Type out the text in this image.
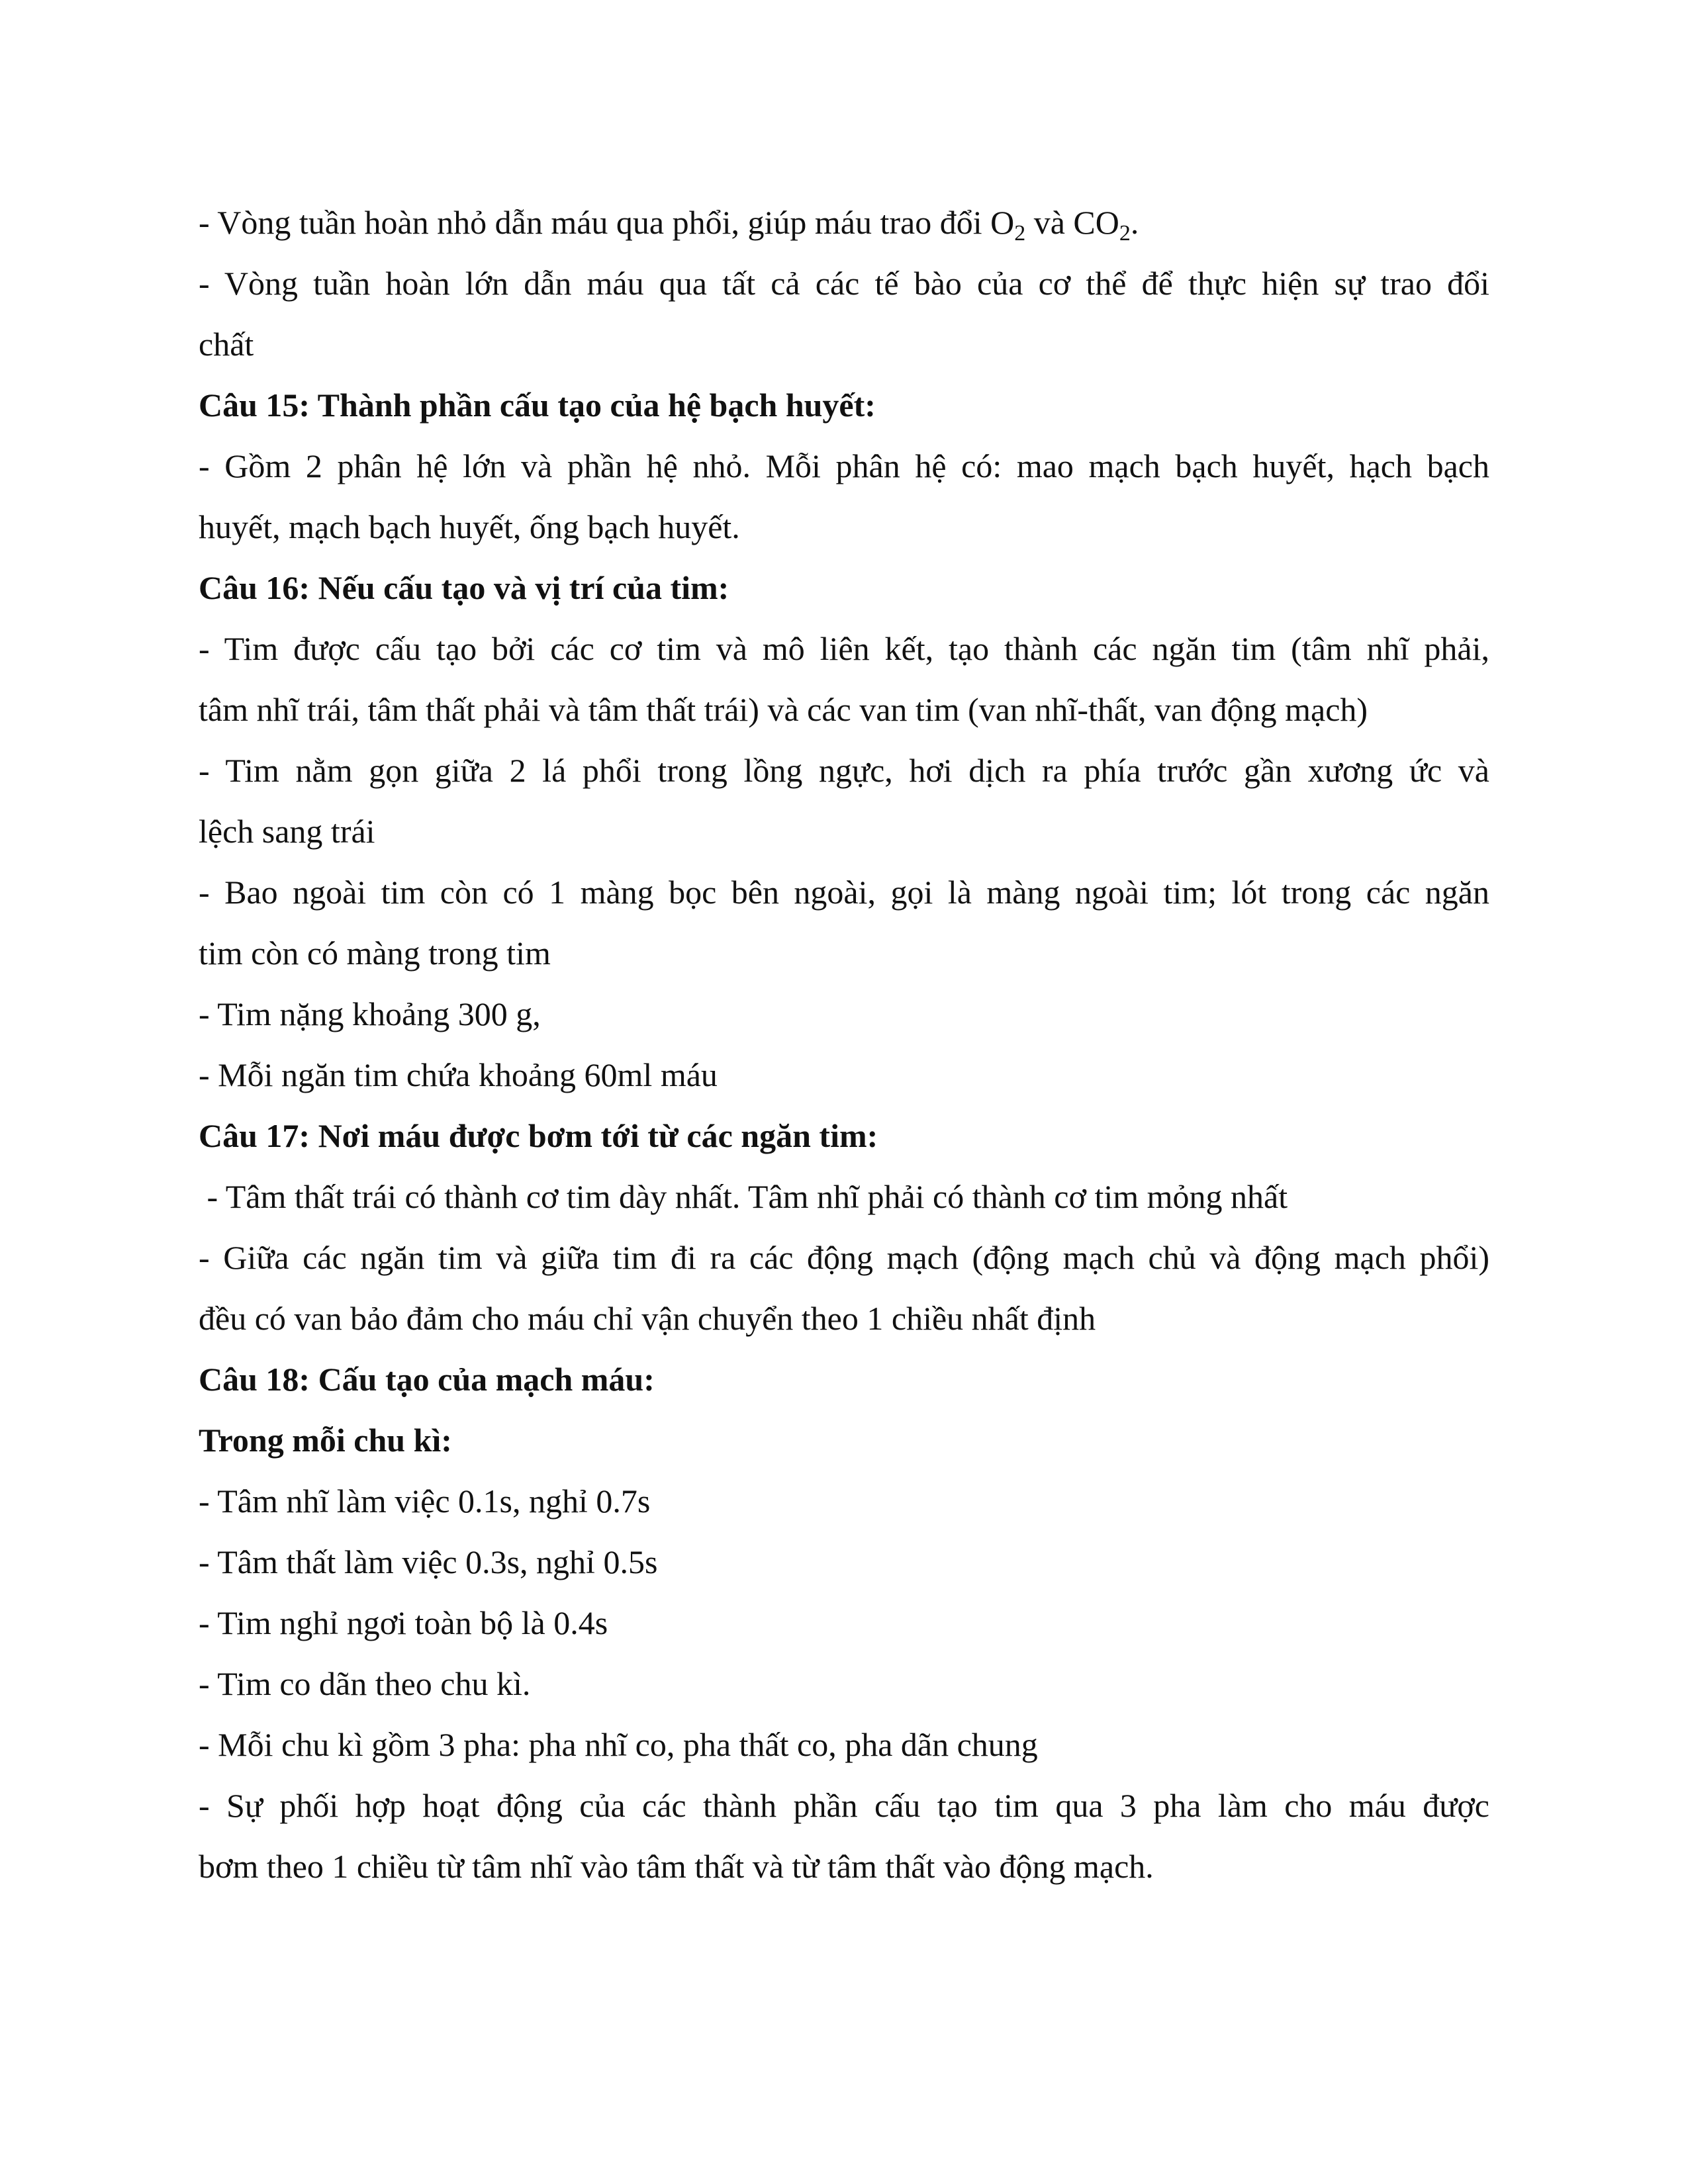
- Vòng tuần hoàn nhỏ dẫn máu qua phổi, giúp máu trao đổi $O_2$ và $CO_2$.
- Vòng tuần hoàn lớn dẫn máu qua tất cả các tế bào của cơ thể để thực hiện sự trao đổi
chất
Câu 15: Thành phần cấu tạo của hệ bạch huyết:
- Gồm 2 phân hệ lớn và phần hệ nhỏ. Mỗi phân hệ có: mao mạch bạch huyết, hạch bạch
huyết, mạch bạch huyết, ống bạch huyết.
Câu 16: Nếu cấu tạo và vị trí của tim:
- Tim được cấu tạo bởi các cơ tim và mô liên kết, tạo thành các ngăn tim (tâm nhĩ phải,
tâm nhĩ trái, tâm thất phải và tâm thất trái) và các van tim (van nhĩ-thất, van động mạch)
- Tim nằm gọn giữa 2 lá phổi trong lồng ngực, hơi dịch ra phía trước gần xương ức và
lệch sang trái
- Bao ngoài tim còn có 1 màng bọc bên ngoài, gọi là màng ngoài tim; lót trong các ngăn
tim còn có màng trong tim
- Tim nặng khoảng 300 g,
- Mỗi ngăn tim chứa khoảng 60ml máu
Câu 17: Nơi máu được bơm tới từ các ngăn tim:
- Tâm thất trái có thành cơ tim dày nhất. Tâm nhĩ phải có thành cơ tim mỏng nhất
- Giữa các ngăn tim và giữa tim đi ra các động mạch (động mạch chủ và động mạch phổi)
đều có van bảo đảm cho máu chỉ vận chuyển theo 1 chiều nhất định
Câu 18: Cấu tạo của mạch máu:
Trong mỗi chu kì:
- Tâm nhĩ làm việc 0.1s, nghỉ 0.7s
- Tâm thất làm việc 0.3s, nghỉ 0.5s
- Tim nghỉ ngơi toàn bộ là 0.4s
- Tim co dãn theo chu kì.
- Mỗi chu kì gồm 3 pha: pha nhĩ co, pha thất co, pha dãn chung
- Sự phối hợp hoạt động của các thành phần cấu tạo tim qua 3 pha làm cho máu được
bơm theo 1 chiều từ tâm nhĩ vào tâm thất và từ tâm thất vào động mạch.
